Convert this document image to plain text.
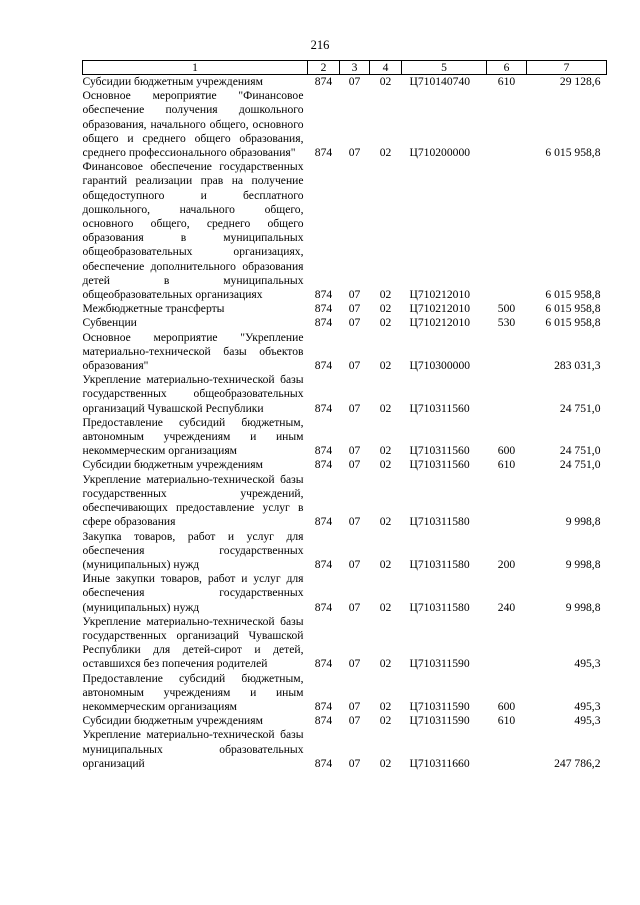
216
1	2	3	4	5	6	7
Субсидии бюджетным учреждениям	874	07	02	Ц710140740	610	29 128,6
Основное мероприятие "Финансовое обеспечение получения дошкольного образования, начального общего, основного общего и среднего общего образования, среднего профессионального образования"	874	07	02	Ц710200000		6 015 958,8
Финансовое обеспечение государственных гарантий реализации прав на получение общедоступного и бесплатного дошкольного, начального общего, основного общего, среднего общего образования в муниципальных общеобразовательных организациях, обеспечение дополнительного образования детей в муниципальных общеобразовательных организациях	874	07	02	Ц710212010		6 015 958,8
Межбюджетные трансферты	874	07	02	Ц710212010	500	6 015 958,8
Субвенции	874	07	02	Ц710212010	530	6 015 958,8
Основное мероприятие "Укрепление материально-технической базы объектов образования"	874	07	02	Ц710300000		283 031,3
Укрепление материально-технической базы государственных общеобразовательных организаций Чувашской Республики	874	07	02	Ц710311560		24 751,0
Предоставление субсидий бюджетным, автономным учреждениям и иным некоммерческим организациям	874	07	02	Ц710311560	600	24 751,0
Субсидии бюджетным учреждениям	874	07	02	Ц710311560	610	24 751,0
Укрепление материально-технической базы государственных учреждений, обеспечивающих предоставление услуг в сфере образования	874	07	02	Ц710311580		9 998,8
Закупка товаров, работ и услуг для обеспечения государственных (муниципальных) нужд	874	07	02	Ц710311580	200	9 998,8
Иные закупки товаров, работ и услуг для обеспечения государственных (муниципальных) нужд	874	07	02	Ц710311580	240	9 998,8
Укрепление материально-технической базы государственных организаций Чувашской Республики для детей-сирот и детей, оставшихся без попечения родителей	874	07	02	Ц710311590		495,3
Предоставление субсидий бюджетным, автономным учреждениям и иным некоммерческим организациям	874	07	02	Ц710311590	600	495,3
Субсидии бюджетным учреждениям	874	07	02	Ц710311590	610	495,3
Укрепление материально-технической базы муниципальных образовательных организаций	874	07	02	Ц710311660		247 786,2
